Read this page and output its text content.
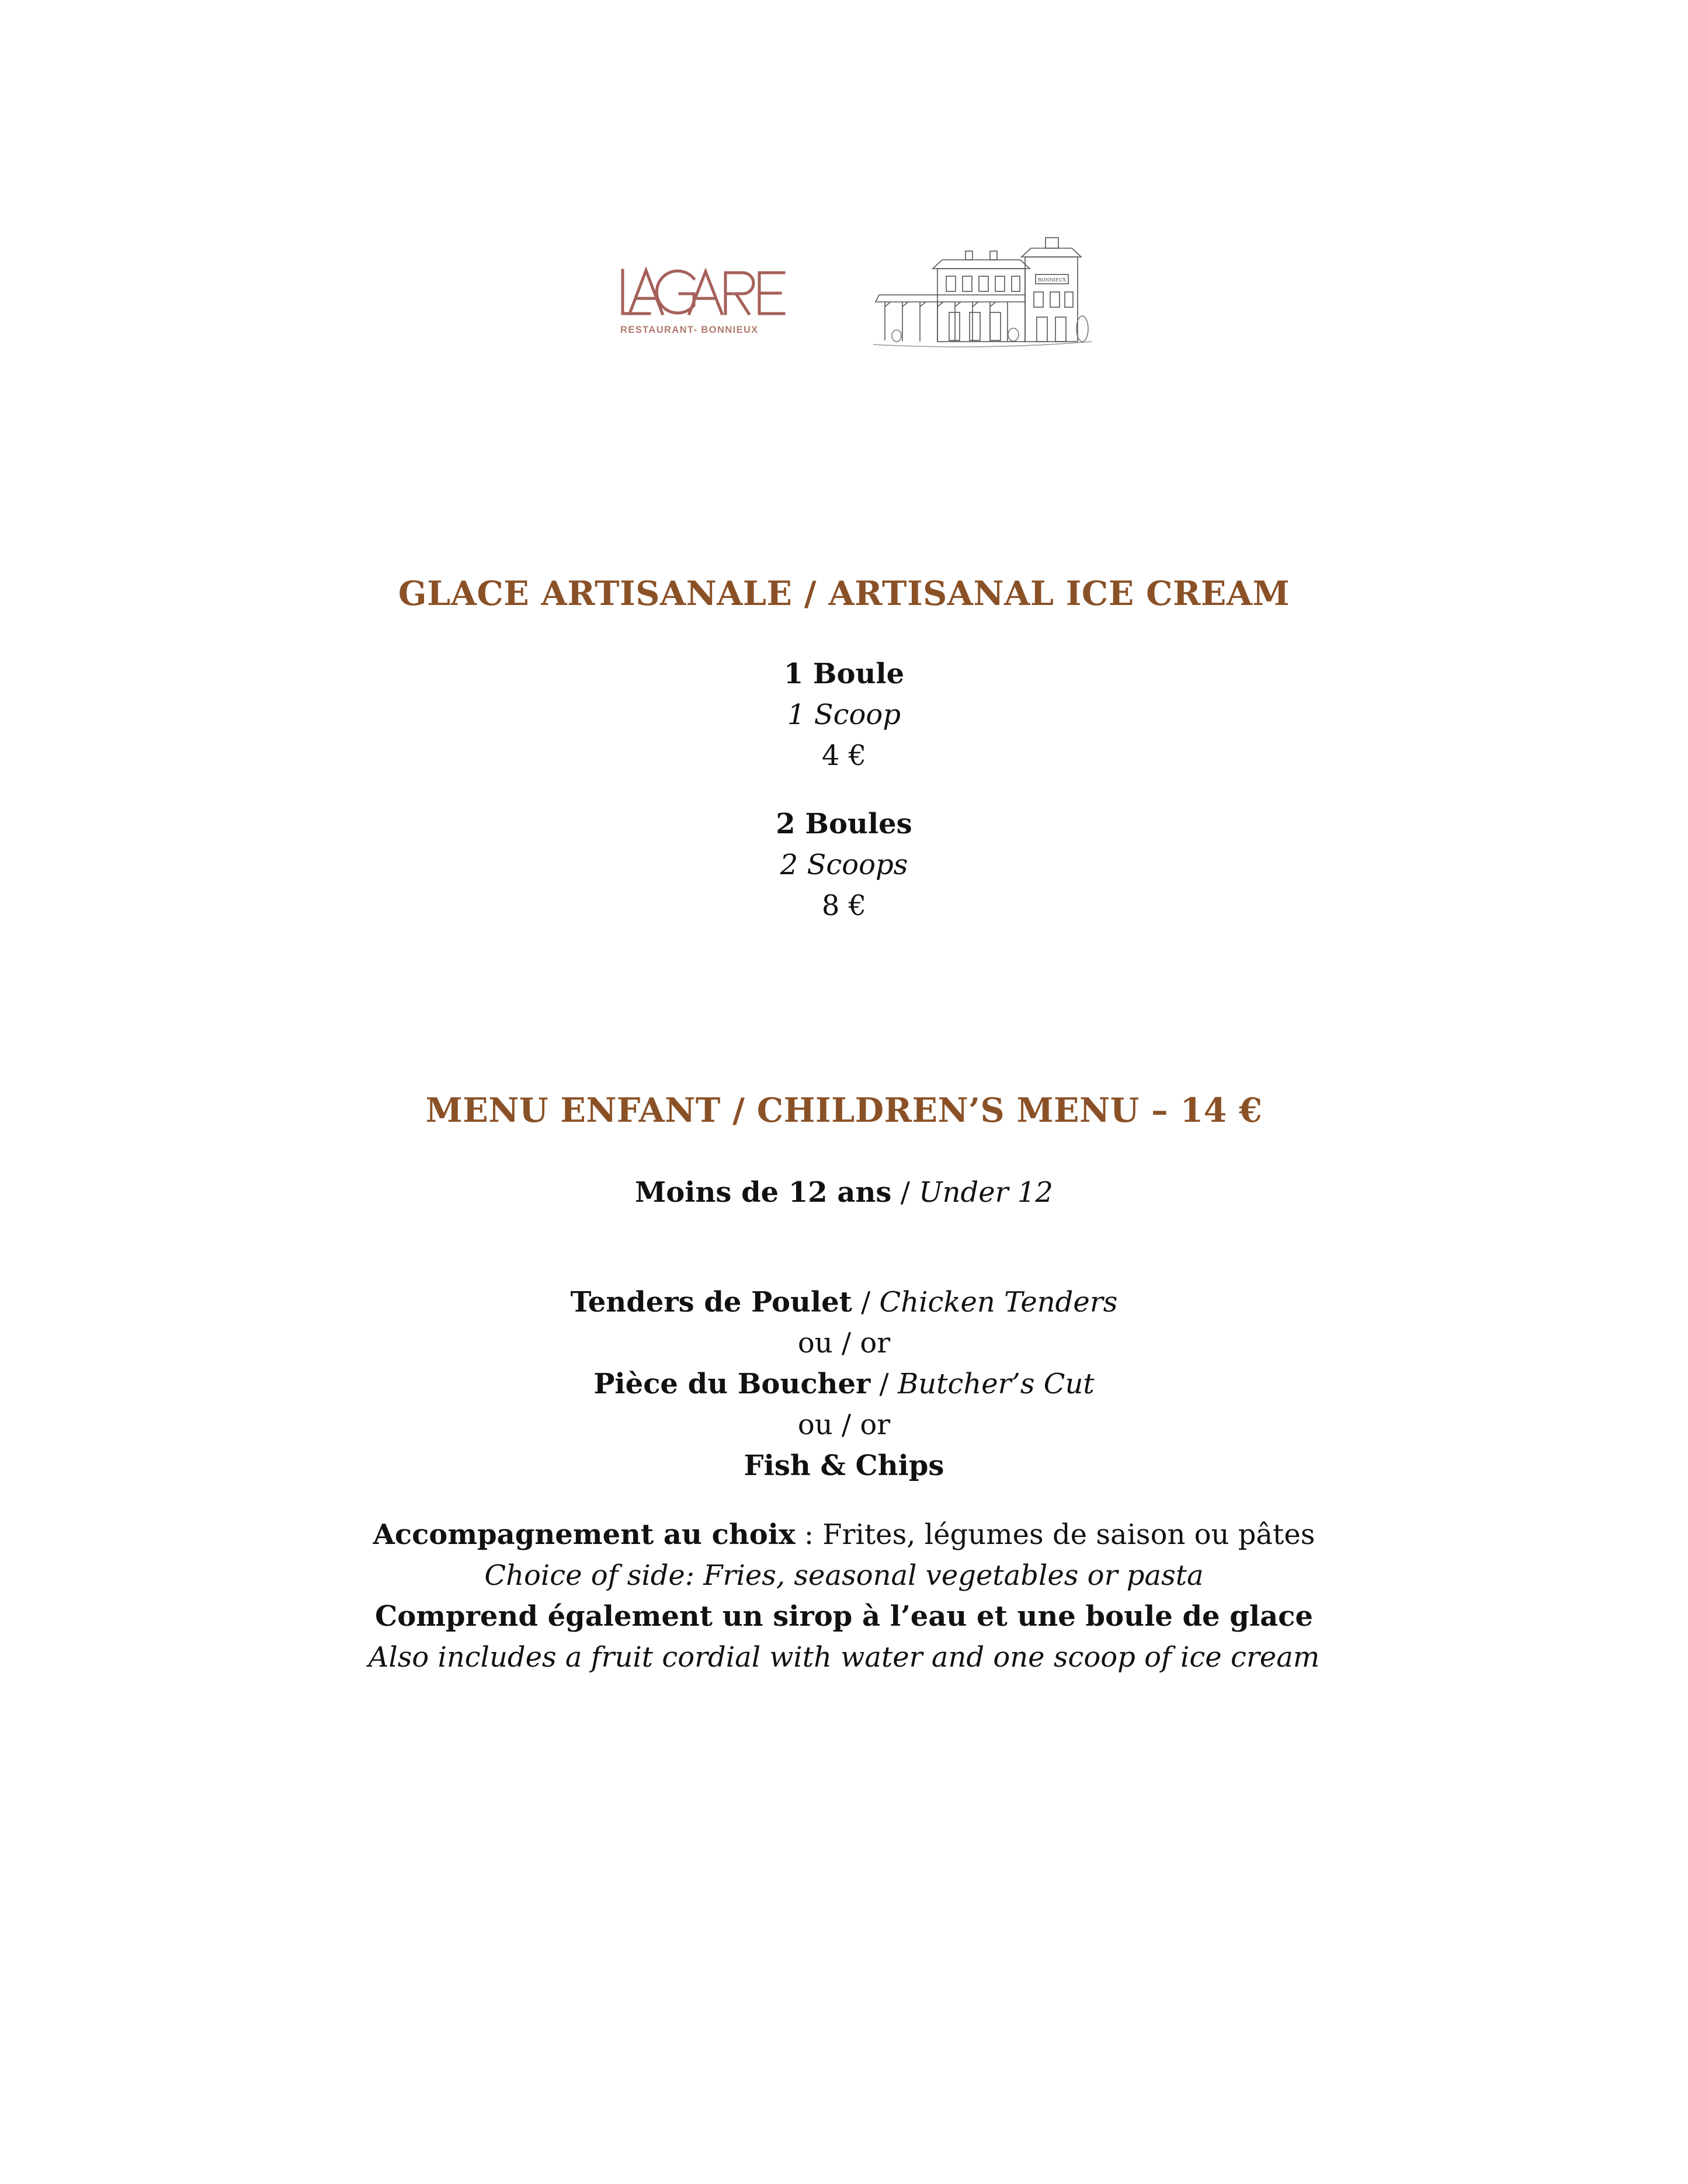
RESTAURANT- BONNIEUX
BONNIEUX
GLACE ARTISANALE / ARTISANAL ICE CREAM
1 Boule
1 Scoop
4 €
2 Boules
2 Scoops
8 €
MENU ENFANT / CHILDREN’S MENU – 14 €
Moins de 12 ans / Under 12
Tenders de Poulet / Chicken Tenders
ou / or
Pièce du Boucher / Butcher’s Cut
ou / or
Fish & Chips
Accompagnement au choix : Frites, légumes de saison ou pâtes
Choice of side: Fries, seasonal vegetables or pasta
Comprend également un sirop à l’eau et une boule de glace
Also includes a fruit cordial with water and one scoop of ice cream
